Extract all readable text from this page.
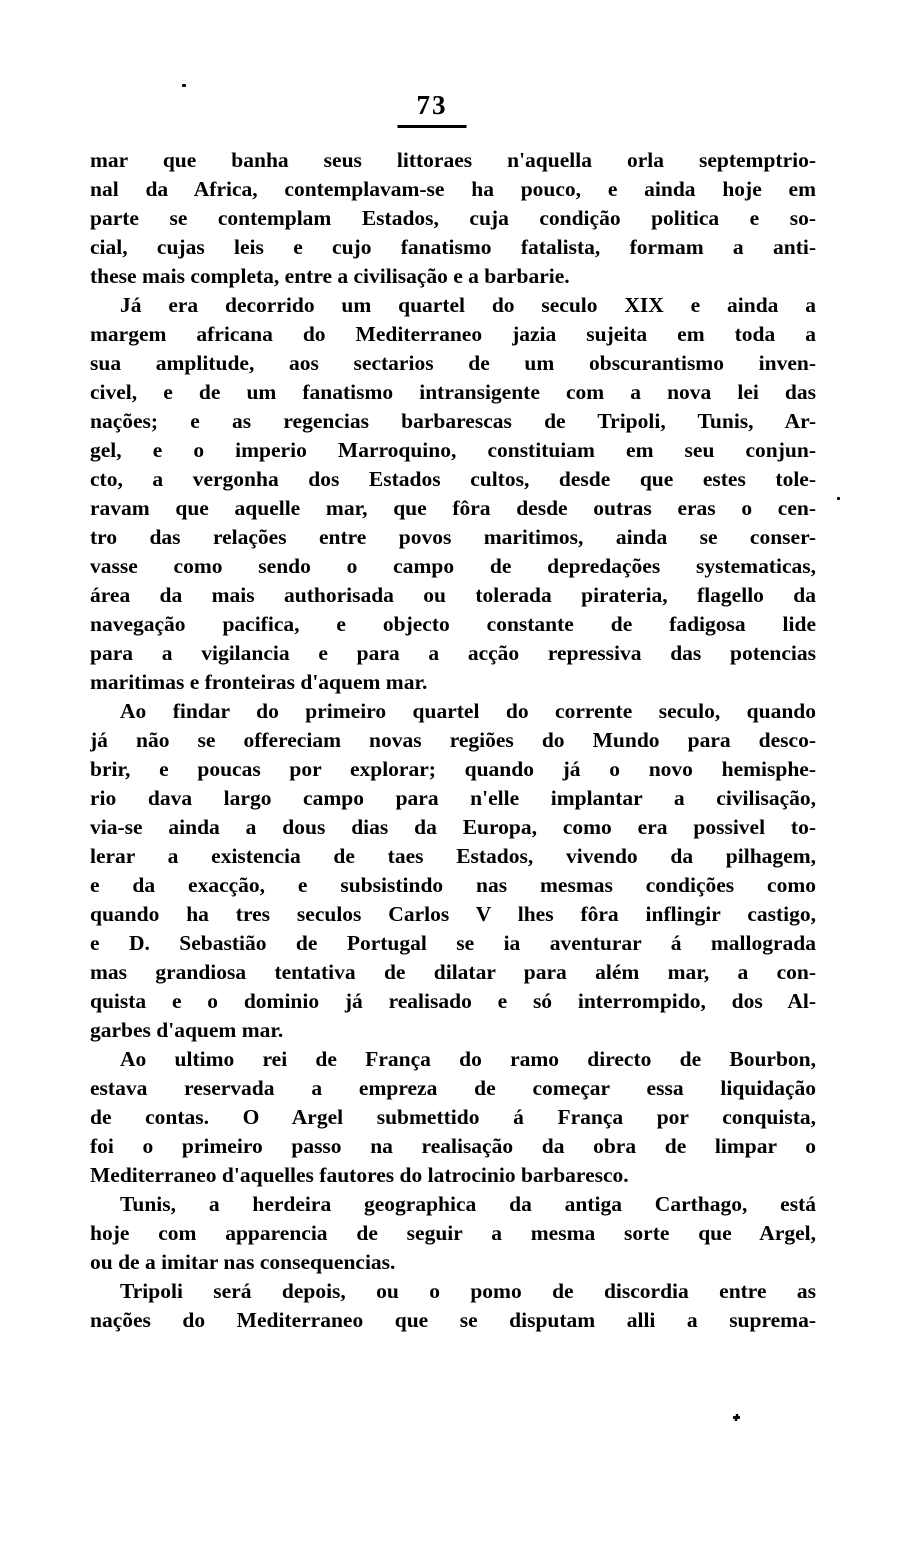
73
mar que banha seus littoraes n'aquella orla septemptrio-
nal da Africa, contemplavam-se ha pouco, e ainda hoje em
parte se contemplam Estados, cuja condição politica e so-
cial, cujas leis e cujo fanatismo fatalista, formam a anti-
these mais completa, entre a civilisação e a barbarie.
Já era decorrido um quartel do seculo XIX e ainda a
margem africana do Mediterraneo jazia sujeita em toda a
sua amplitude, aos sectarios de um obscurantismo inven-
civel, e de um fanatismo intransigente com a nova lei das
nações; e as regencias barbarescas de Tripoli, Tunis, Ar-
gel, e o imperio Marroquino, constituiam em seu conjun-
cto, a vergonha dos Estados cultos, desde que estes tole-
ravam que aquelle mar, que fôra desde outras eras o cen-
tro das relações entre povos maritimos, ainda se conser-
vasse como sendo o campo de depredações systematicas,
área da mais authorisada ou tolerada pirateria, flagello da
navegação pacifica, e objecto constante de fadigosa lide
para a vigilancia e para a acção repressiva das potencias
maritimas e fronteiras d'aquem mar.
Ao findar do primeiro quartel do corrente seculo, quando
já não se offereciam novas regiões do Mundo para desco-
brir, e poucas por explorar; quando já o novo hemisphe-
rio dava largo campo para n'elle implantar a civilisação,
via-se ainda a dous dias da Europa, como era possivel to-
lerar a existencia de taes Estados, vivendo da pilhagem,
e da exacção, e subsistindo nas mesmas condições como
quando ha tres seculos Carlos V lhes fôra inflingir castigo,
e D. Sebastião de Portugal se ia aventurar á mallograda
mas grandiosa tentativa de dilatar para além mar, a con-
quista e o dominio já realisado e só interrompido, dos Al-
garbes d'aquem mar.
Ao ultimo rei de França do ramo directo de Bourbon,
estava reservada a empreza de começar essa liquidação
de contas. O Argel submettido á França por conquista,
foi o primeiro passo na realisação da obra de limpar o
Mediterraneo d'aquelles fautores do latrocinio barbaresco.
Tunis, a herdeira geographica da antiga Carthago, está
hoje com apparencia de seguir a mesma sorte que Argel,
ou de a imitar nas consequencias.
Tripoli será depois, ou o pomo de discordia entre as
nações do Mediterraneo que se disputam alli a suprema-
